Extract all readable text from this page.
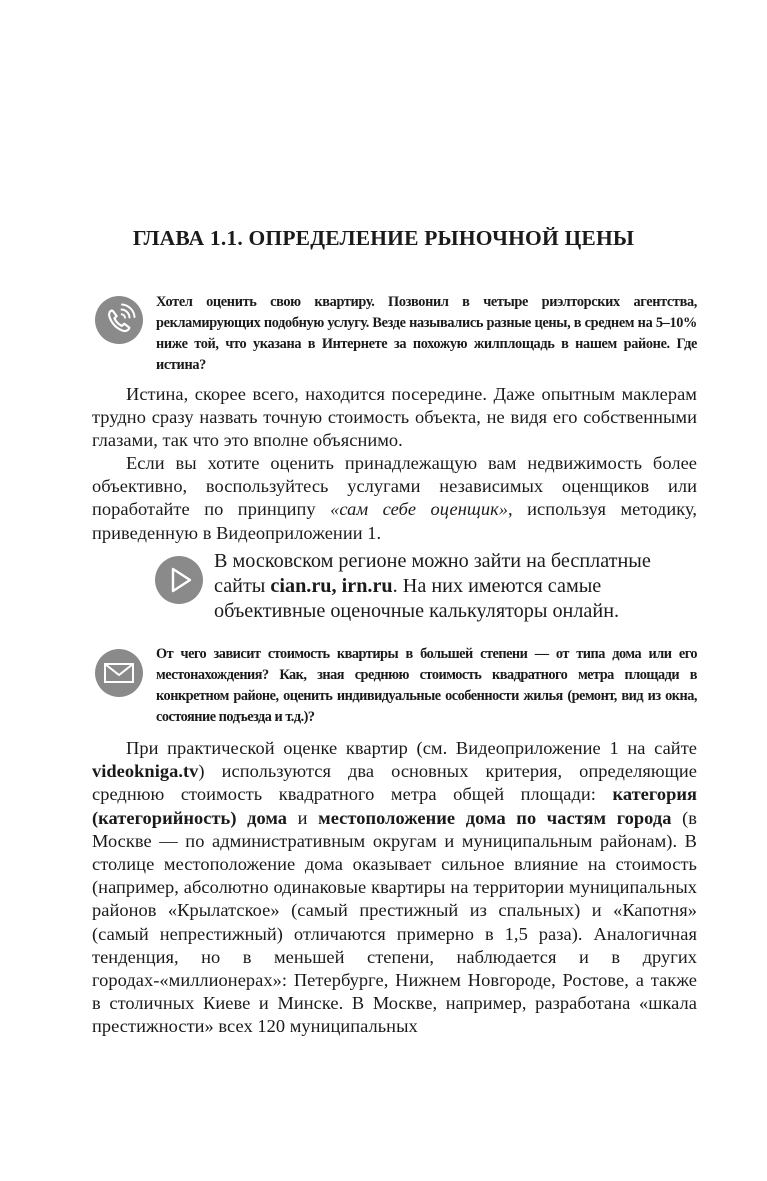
ГЛАВА 1.1. ОПРЕДЕЛЕНИЕ РЫНОЧНОЙ ЦЕНЫ

Хотел оценить свою квартиру. Позвонил в четыре риэлторских агентства, рекламирующих подобную услугу. Везде назывались разные цены, в среднем на 5–10% ниже той, что указана в Интернете за похожую жилплощадь в нашем районе. Где истина?

Истина, скорее всего, находится посередине. Даже опытным маклерам трудно сразу назвать точную стоимость объекта, не видя его собственными глазами, так что это вполне объяснимо.

Если вы хотите оценить принадлежащую вам недвижимость более объективно, воспользуйтесь услугами независимых оценщиков или поработайте по принципу «сам себе оценщик», используя методику, приведенную в Видеоприложении 1.

В московском регионе можно зайти на бесплатные сайты cian.ru, irn.ru. На них имеются самые объективные оценочные калькуляторы онлайн.

От чего зависит стоимость квартиры в большей степени — от типа дома или его местонахождения? Как, зная среднюю стоимость квадратного метра площади в конкретном районе, оценить индивидуальные особенности жилья (ремонт, вид из окна, состояние подъезда и т.д.)?

При практической оценке квартир (см. Видеоприложение 1 на сайте videokniga.tv) используются два основных критерия, определяющие среднюю стоимость квадратного метра общей площади: категория (категорийность) дома и местоположение дома по частям города (в Москве — по административным округам и муниципальным районам). В столице местоположение дома оказывает сильное влияние на стоимость (например, абсолютно одинаковые квартиры на территории муниципальных районов «Крылатское» (самый престижный из спальных) и «Капотня» (самый непрестижный) отличаются примерно в 1,5 раза). Аналогичная тенденция, но в меньшей степени, наблюдается и в других городах-«миллионерах»: Петербурге, Нижнем Новгороде, Ростове, а также в столичных Киеве и Минске. В Москве, например, разработана «шкала престижности» всех 120 муниципальных
